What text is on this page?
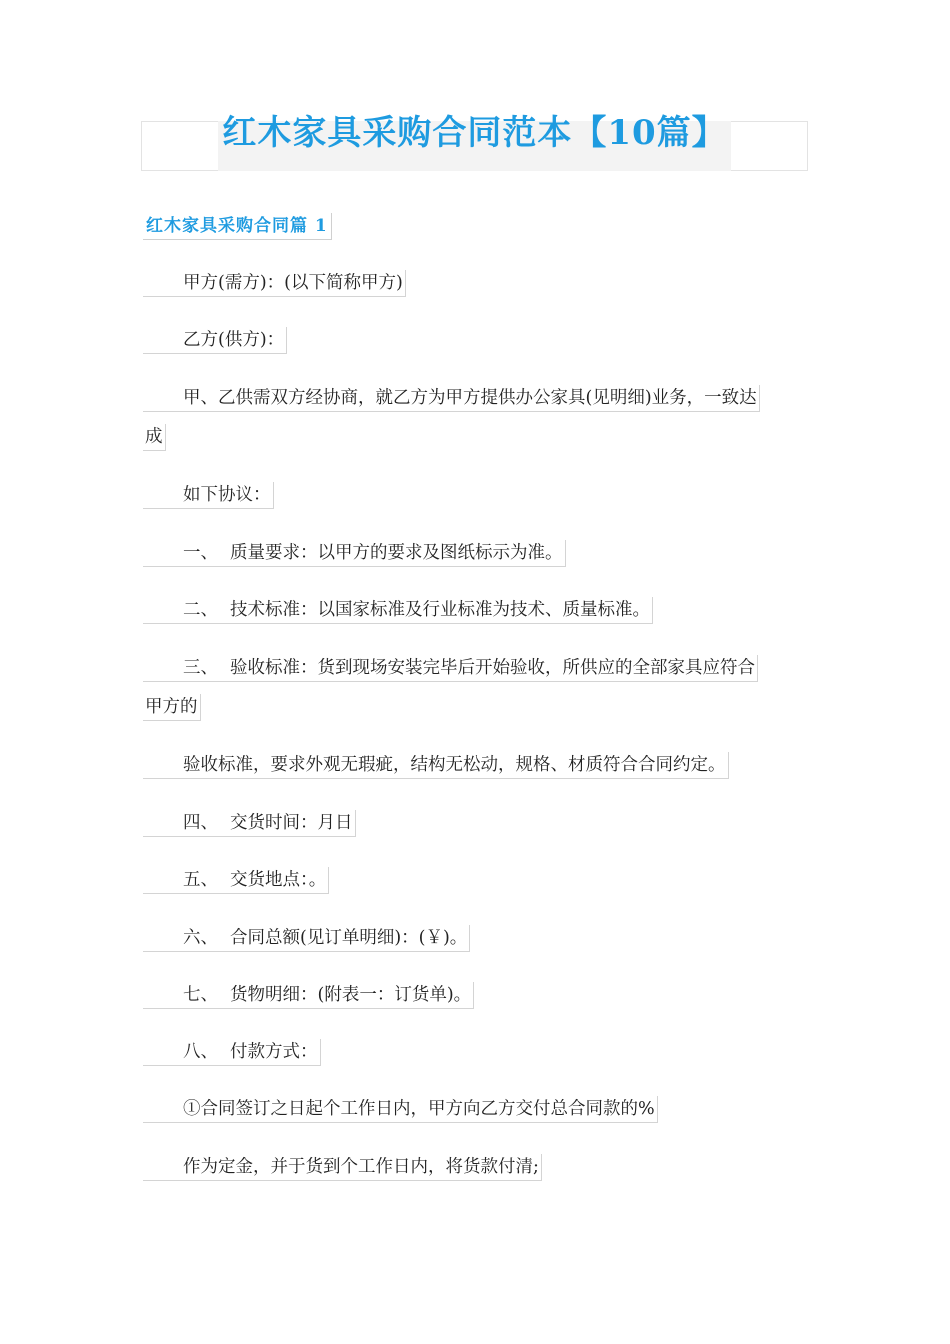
红木家具采购合同范本【10篇】
红木家具采购合同篇 1
甲方(需方)：(以下简称甲方)
乙方(供方)：
甲、乙供需双方经协商，就乙方为甲方提供办公家具(见明细)业务，一致达
成
如下协议：
一、 质量要求：以甲方的要求及图纸标示为准。
二、 技术标准：以国家标准及行业标准为技术、质量标准。
三、 验收标准：货到现场安装完毕后开始验收，所供应的全部家具应符合
甲方的
验收标准，要求外观无瑕疵，结构无松动，规格、材质符合合同约定。
四、 交货时间：月日
五、 交货地点：。
六、 合同总额(见订单明细)：(￥)。
七、 货物明细：(附表一：订货单)。
八、 付款方式：
①合同签订之日起个工作日内，甲方向乙方交付总合同款的%
作为定金，并于货到个工作日内，将货款付清;
